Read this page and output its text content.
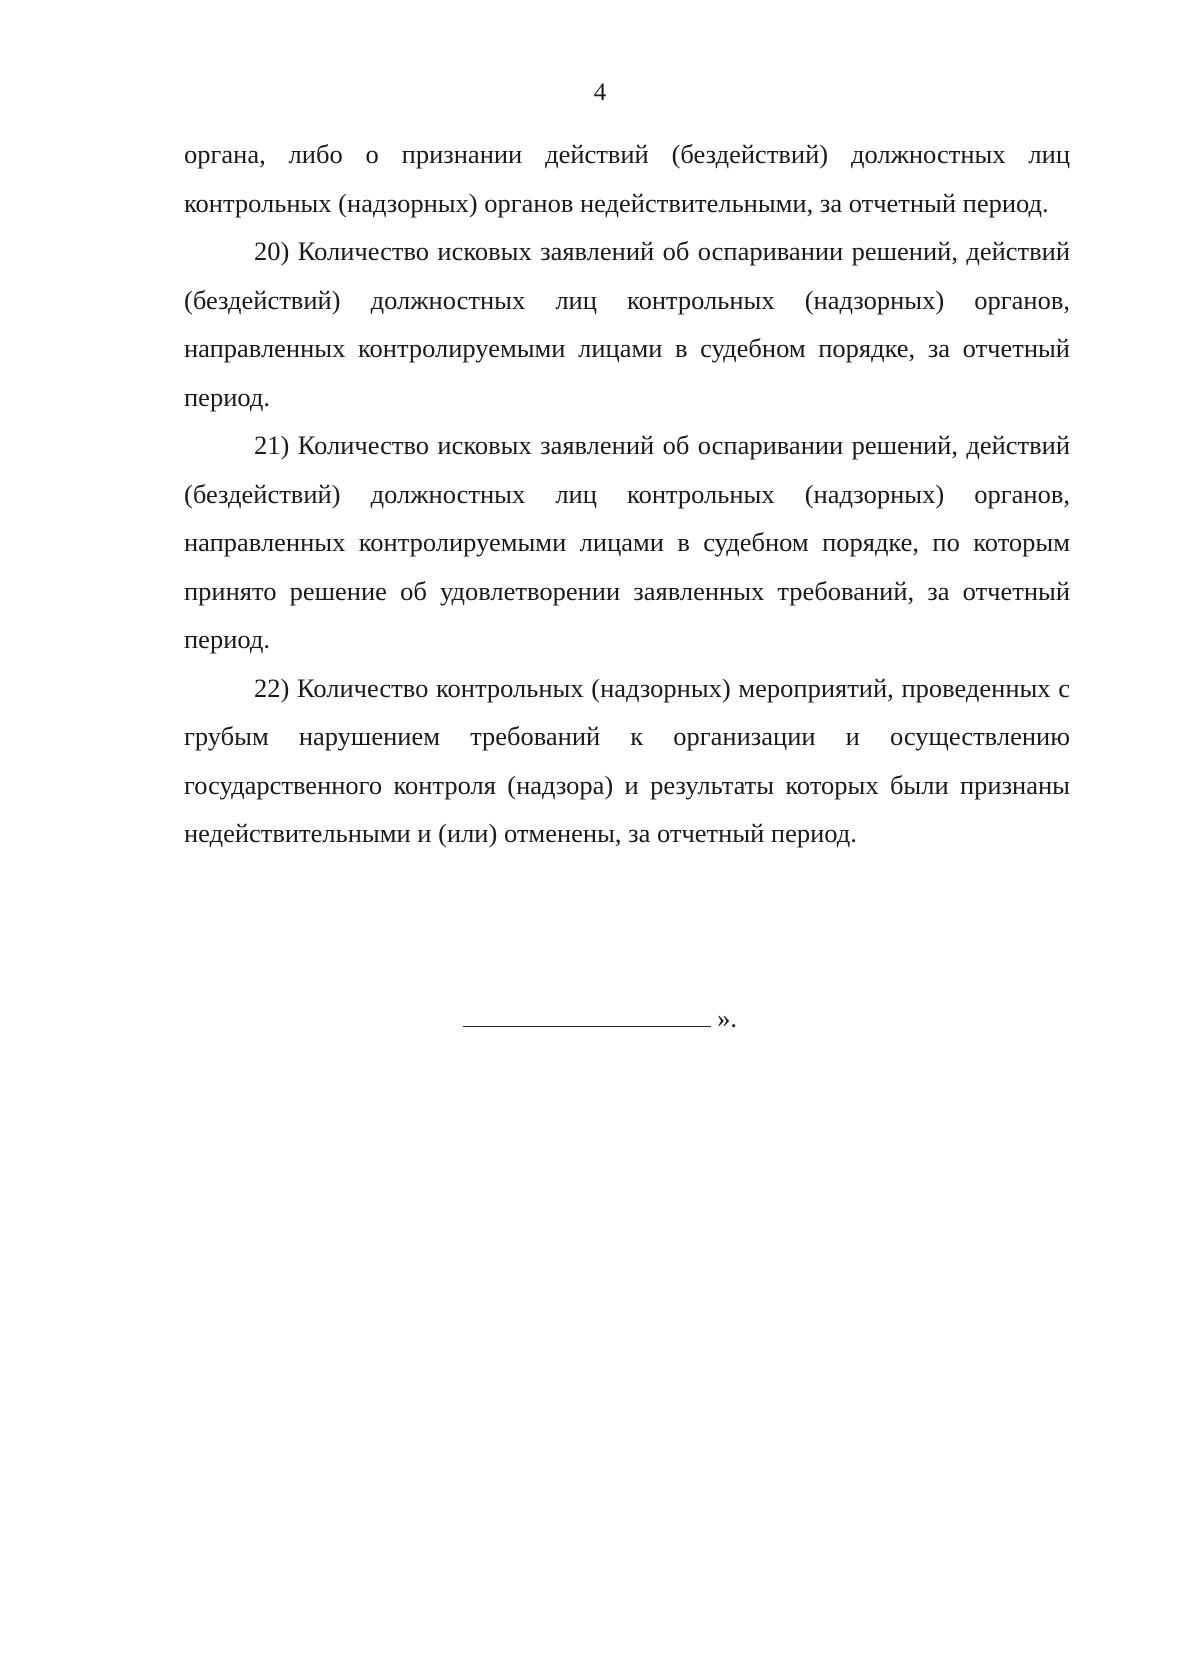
4

органа, либо о признании действий (бездействий) должностных лиц контрольных (надзорных) органов недействительными, за отчетный период.

20) Количество исковых заявлений об оспаривании решений, действий (бездействий) должностных лиц контрольных (надзорных) органов, направленных контролируемыми лицами в судебном порядке, за отчетный период.

21) Количество исковых заявлений об оспаривании решений, действий (бездействий) должностных лиц контрольных (надзорных) органов, направленных контролируемыми лицами в судебном порядке, по которым принято решение об удовлетворении заявленных требований, за отчетный период.

22) Количество контрольных (надзорных) мероприятий, проведенных с грубым нарушением требований к организации и осуществлению государственного контроля (надзора) и результаты которых были признаны недействительными и (или) отменены, за отчетный период.

».
